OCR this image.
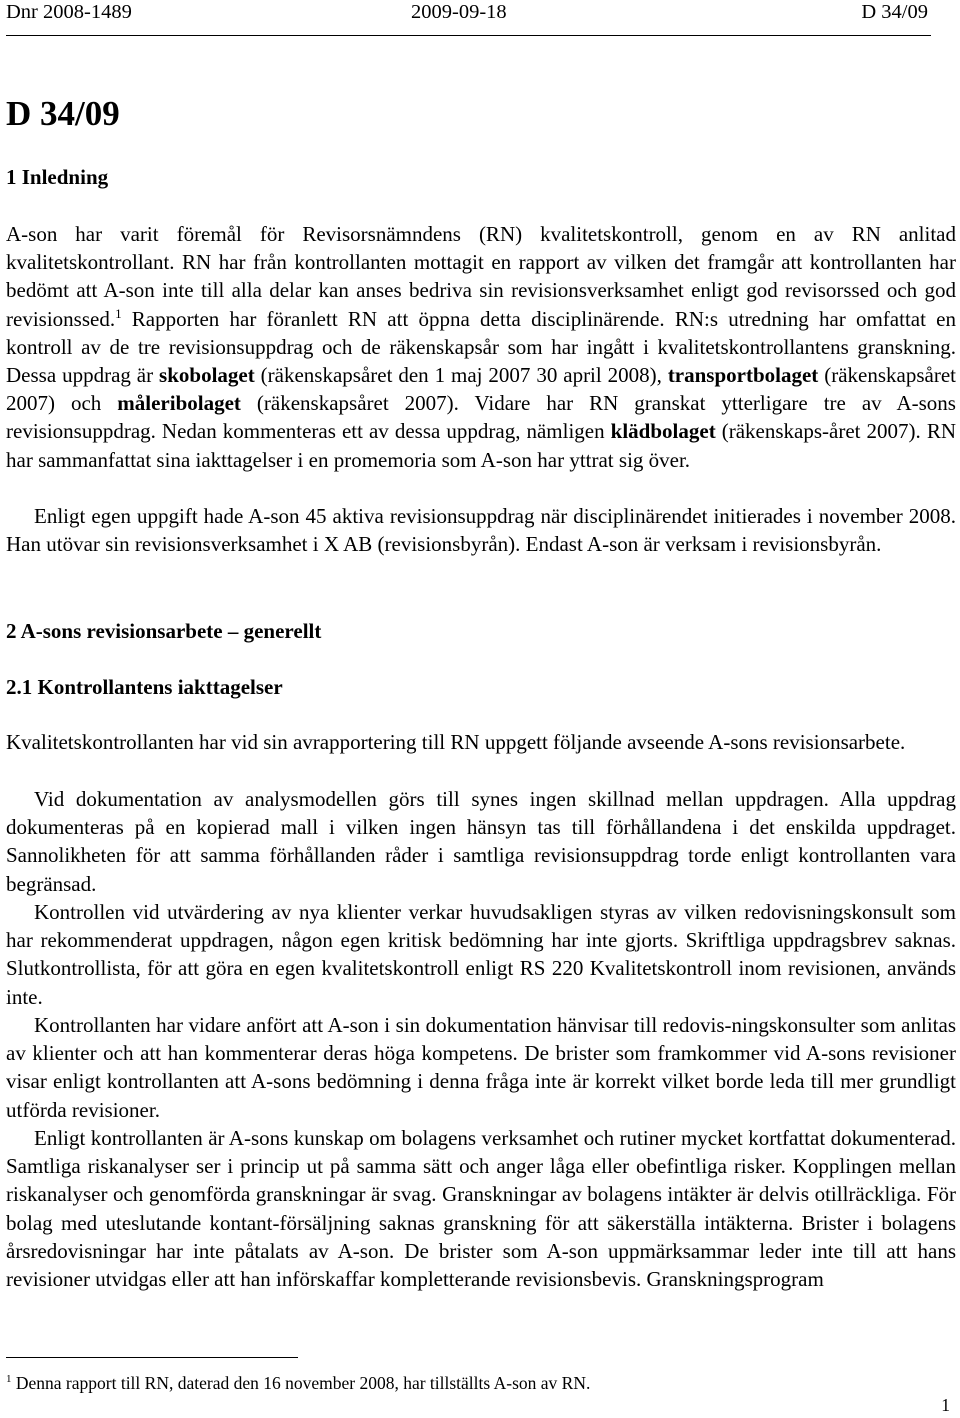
Dnr 2008-1489	2009-09-18	D 34/09
D 34/09
1 Inledning

A-son har varit föremål för Revisorsnämndens (RN) kvalitetskontroll, genom en av RN anlitad kvalitetskontrollant. RN har från kontrollanten mottagit en rapport av vilken det framgår att kontrollanten har bedömt att A-son inte till alla delar kan anses bedriva sin revisionsverksamhet enligt god revisorssed och god revisionssed.$^1$ Rapporten har föranlett RN att öppna detta disciplinärende. RN:s utredning har omfattat en kontroll av de tre revisionsuppdrag och de räkenskapsår som har ingått i kvalitetskontrollantens granskning. Dessa uppdrag är skobolaget (räkenskapsåret den 1 maj 2007 30 april 2008), transportbolaget (räkenskapsåret 2007) och måleribolaget (räkenskapsåret 2007). Vidare har RN granskat ytterligare tre av A-sons revisionsuppdrag. Nedan kommenteras ett av dessa uppdrag, nämligen klädbolaget (räkenskaps-året 2007). RN har sammanfattat sina iakttagelser i en promemoria som A-son har yttrat sig över.

Enligt egen uppgift hade A-son 45 aktiva revisionsuppdrag när disciplinärendet initierades i november 2008. Han utövar sin revisionsverksamhet i X AB (revisionsbyrån). Endast A-son är verksam i revisionsbyrån.

2 A-sons revisionsarbete – generellt
2.1 Kontrollantens iakttagelser

Kvalitetskontrollanten har vid sin avrapportering till RN uppgett följande avseende A-sons revisionsarbete.

Vid dokumentation av analysmodellen görs till synes ingen skillnad mellan uppdragen. Alla uppdrag dokumenteras på en kopierad mall i vilken ingen hänsyn tas till förhållandena i det enskilda uppdraget. Sannolikheten för att samma förhållanden råder i samtliga revisionsuppdrag torde enligt kontrollanten vara begränsad.

Kontrollen vid utvärdering av nya klienter verkar huvudsakligen styras av vilken redovisningskonsult som har rekommenderat uppdragen, någon egen kritisk bedömning har inte gjorts. Skriftliga uppdragsbrev saknas. Slutkontrollista, för att göra en egen kvalitetskontroll enligt RS 220 Kvalitetskontroll inom revisionen, används inte.

Kontrollanten har vidare anfört att A-son i sin dokumentation hänvisar till redovis-ningskonsulter som anlitas av klienter och att han kommenterar deras höga kompetens. De brister som framkommer vid A-sons revisioner visar enligt kontrollanten att A-sons bedömning i denna fråga inte är korrekt vilket borde leda till mer grundligt utförda revisioner.

Enligt kontrollanten är A-sons kunskap om bolagens verksamhet och rutiner mycket kortfattat dokumenterad. Samtliga riskanalyser ser i princip ut på samma sätt och anger låga eller obefintliga risker. Kopplingen mellan riskanalyser och genomförda granskningar är svag. Granskningar av bolagens intäkter är delvis otillräckliga. För bolag med uteslutande kontant-försäljning saknas granskning för att säkerställa intäkterna. Brister i bolagens årsredovisningar har inte påtalats av A-son. De brister som A-son uppmärksammar leder inte till att hans revisioner utvidgas eller att han införskaffar kompletterande revisionsbevis. Granskningsprogram

$^1$ Denna rapport till RN, daterad den 16 november 2008, har tillställts A-son av RN.
1
